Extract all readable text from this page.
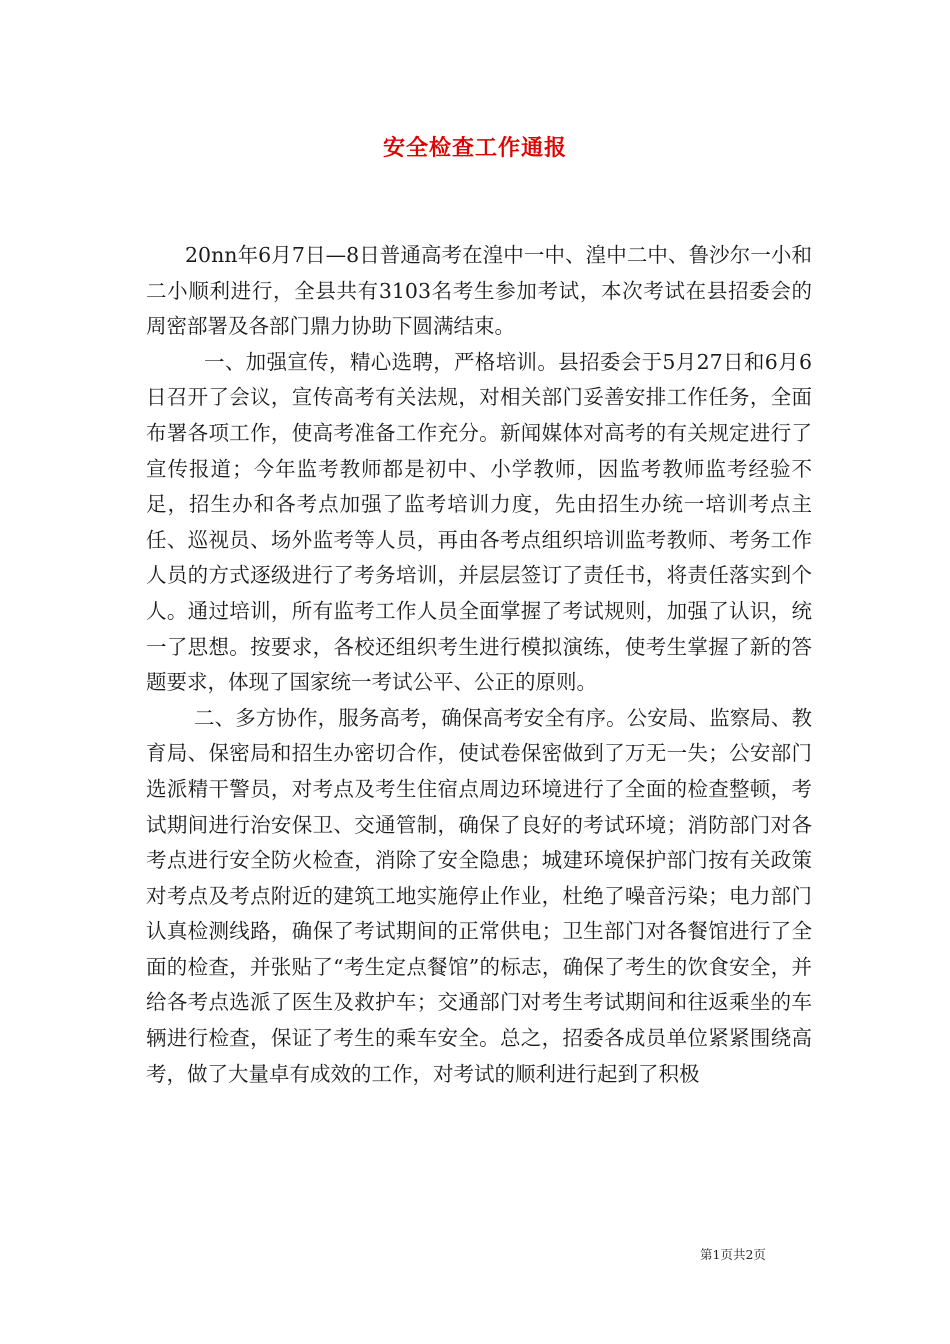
安全检查工作通报

20nn年6月7日—8日普通高考在湟中一中、湟中二中、鲁沙尔一小和二小顺利进行，全县共有3103名考生参加考试，本次考试在县招委会的周密部署及各部门鼎力协助下圆满结束。

一、加强宣传，精心选聘，严格培训。县招委会于5月27日和6月6日召开了会议，宣传高考有关法规，对相关部门妥善安排工作任务，全面布署各项工作，使高考准备工作充分。新闻媒体对高考的有关规定进行了宣传报道；今年监考教师都是初中、小学教师，因监考教师监考经验不足，招生办和各考点加强了监考培训力度，先由招生办统一培训考点主任、巡视员、场外监考等人员，再由各考点组织培训监考教师、考务工作人员的方式逐级进行了考务培训，并层层签订了责任书，将责任落实到个人。通过培训，所有监考工作人员全面掌握了考试规则，加强了认识，统一了思想。按要求，各校还组织考生进行模拟演练，使考生掌握了新的答题要求，体现了国家统一考试公平、公正的原则。

二、多方协作，服务高考，确保高考安全有序。公安局、监察局、教育局、保密局和招生办密切合作，使试卷保密做到了万无一失；公安部门选派精干警员，对考点及考生住宿点周边环境进行了全面的检查整顿，考试期间进行治安保卫、交通管制，确保了良好的考试环境；消防部门对各考点进行安全防火检查，消除了安全隐患；城建环境保护部门按有关政策对考点及考点附近的建筑工地实施停止作业，杜绝了噪音污染；电力部门认真检测线路，确保了考试期间的正常供电；卫生部门对各餐馆进行了全面的检查，并张贴了“考生定点餐馆”的标志，确保了考生的饮食安全，并给各考点选派了医生及救护车；交通部门对考生考试期间和往返乘坐的车辆进行检查，保证了考生的乘车安全。总之，招委各成员单位紧紧围绕高考，做了大量卓有成效的工作，对考试的顺利进行起到了积极

第1页共2页
